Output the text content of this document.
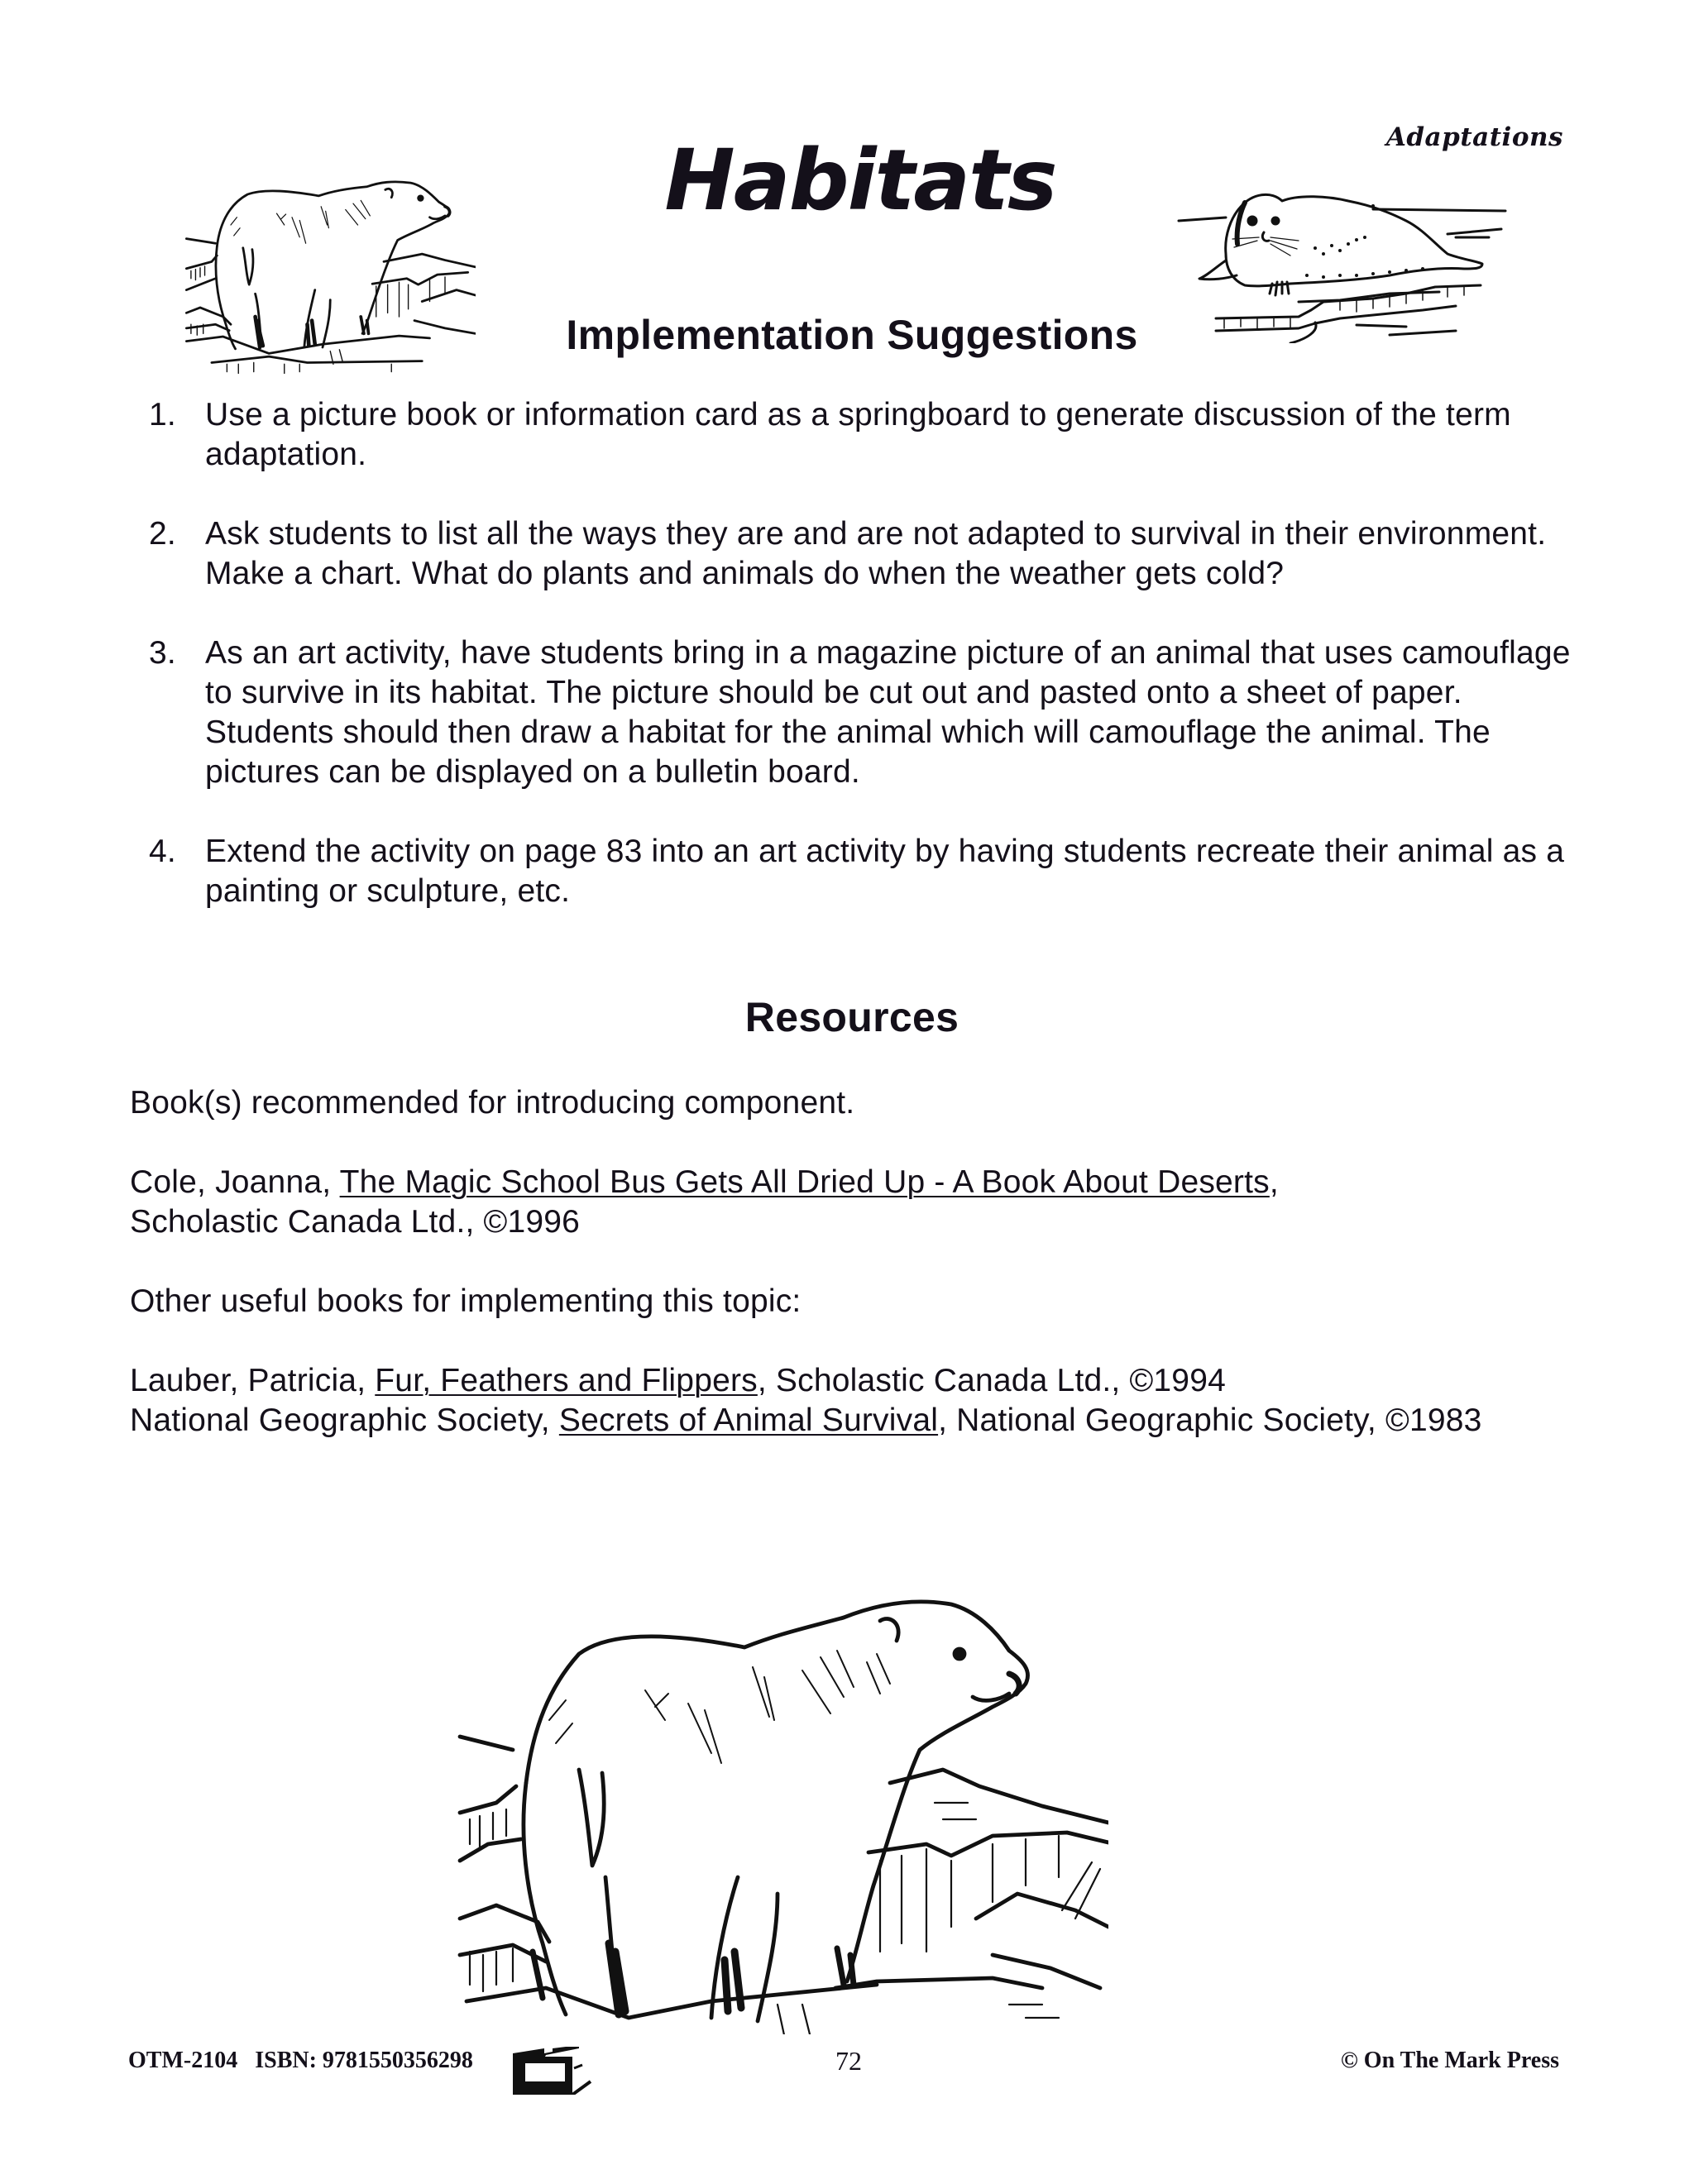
Adaptations
Habitats
Implementation Suggestions
1. Use a picture book or information card as a springboard to generate discussion of the term adaptation.
2. Ask students to list all the ways they are and are not adapted to survival in their environment. Make a chart. What do plants and animals do when the weather gets cold?
3. As an art activity, have students bring in a magazine picture of an animal that uses camouflage to survive in its habitat. The picture should be cut out and pasted onto a sheet of paper. Students should then draw a habitat for the animal which will camouflage the animal. The pictures can be displayed on a bulletin board.
4. Extend the activity on page 83 into an art activity by having students recreate their animal as a painting or sculpture, etc.
Resources

Book(s) recommended for introducing component.

Cole, Joanna, The Magic School Bus Gets All Dried Up - A Book About Deserts,
Scholastic Canada Ltd., ©1996

Other useful books for implementing this topic:

Lauber, Patricia, Fur, Feathers and Flippers, Scholastic Canada Ltd., ©1994
National Geographic Society, Secrets of Animal Survival, National Geographic Society, ©1983

OTM-2104 ISBN: 9781550356298	72	© On The Mark Press
